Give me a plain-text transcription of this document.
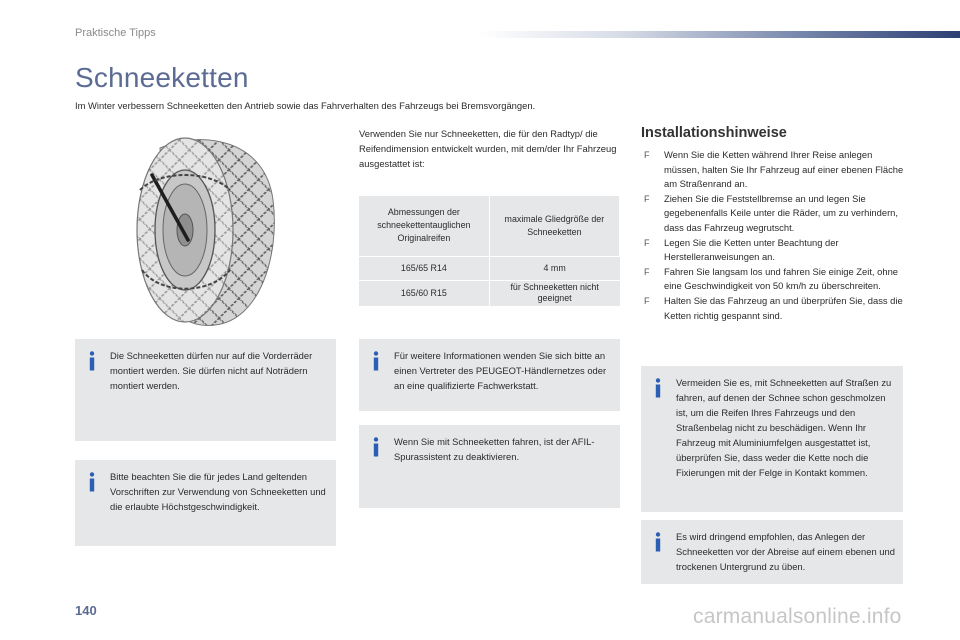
Praktische Tipps
Schneeketten

Im Winter verbessern Schneeketten den Antrieb sowie das Fahrverhalten des Fahrzeugs bei Bremsvorgängen.

Verwenden Sie nur Schneeketten, die für den Radtyp/ die Reifendimension entwickelt wurden, mit dem/der Ihr Fahrzeug ausgestattet ist:

Abmessungen der schneekettentauglichen Originalreifen	maximale Gliedgröße der Schneeketten
165/65 R14	4 mm
165/60 R15	für Schneeketten nicht geeignet
Die Schneeketten dürfen nur auf die Vorderräder montiert werden. Sie dürfen nicht auf Noträdern montiert werden.
Bitte beachten Sie die für jedes Land geltenden Vorschriften zur Verwendung von Schneeketten und die erlaubte Höchstgeschwindigkeit.
Für weitere Informationen wenden Sie sich bitte an einen Vertreter des PEUGEOT-Händlernetzes oder an eine qualifizierte Fachwerkstatt.
Wenn Sie mit Schneeketten fahren, ist der AFIL-Spurassistent zu deaktivieren.
Vermeiden Sie es, mit Schneeketten auf Straßen zu fahren, auf denen der Schnee schon geschmolzen ist, um die Reifen Ihres Fahrzeugs und den Straßenbelag nicht zu beschädigen. Wenn Ihr Fahrzeug mit Aluminiumfelgen ausgestattet ist, überprüfen Sie, dass weder die Kette noch die Fixierungen mit der Felge in Kontakt kommen.
Es wird dringend empfohlen, das Anlegen der Schneeketten vor der Abreise auf einem ebenen und trockenen Untergrund zu üben.
Installationshinweise
F Wenn Sie die Ketten während Ihrer Reise anlegen müssen, halten Sie Ihr Fahrzeug auf einer ebenen Fläche am Straßenrand an.
F Ziehen Sie die Feststellbremse an und legen Sie gegebenenfalls Keile unter die Räder, um zu verhindern, dass das Fahrzeug wegrutscht.
F Legen Sie die Ketten unter Beachtung der Herstelleranweisungen an.
F Fahren Sie langsam los und fahren Sie einige Zeit, ohne eine Geschwindigkeit von 50 km/h zu überschreiten.
F Halten Sie das Fahrzeug an und überprüfen Sie, dass die Ketten richtig gespannt sind.
140	carmanualsonline.info
